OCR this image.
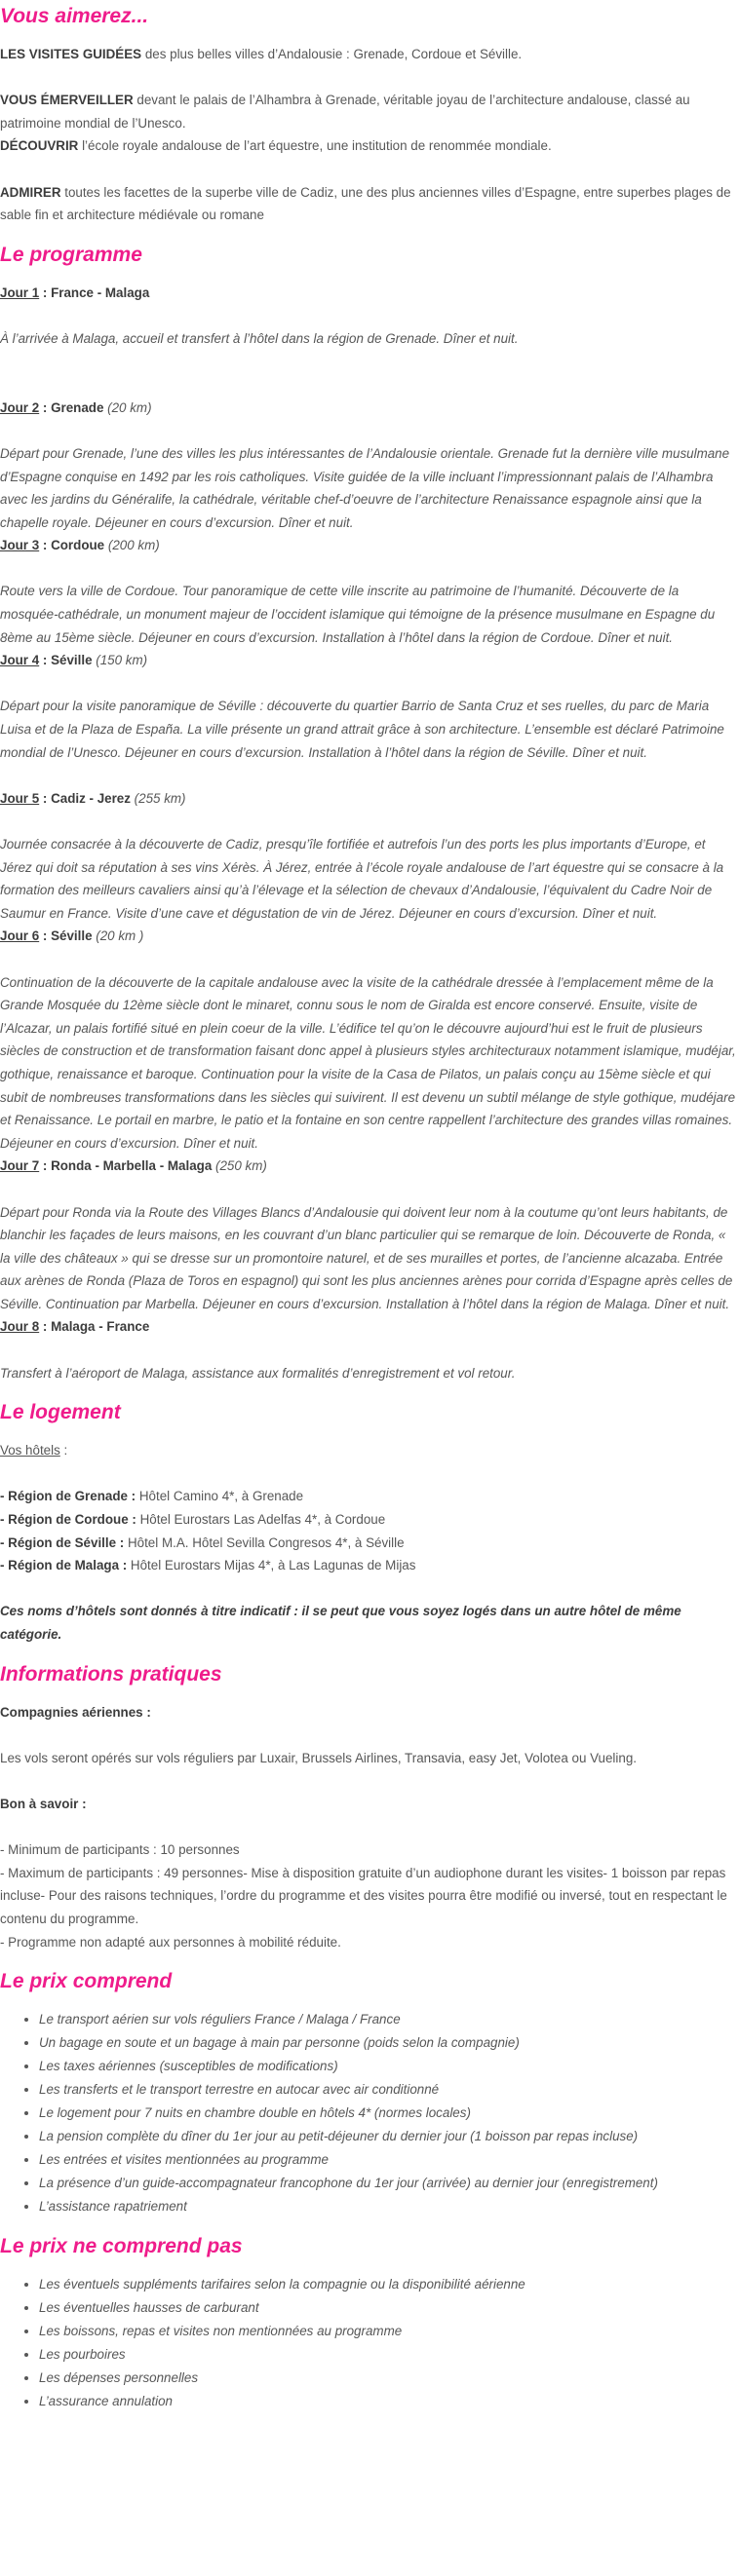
Vous aimerez...

LES VISITES GUIDÉES des plus belles villes d’Andalousie : Grenade, Cordoue et Séville.

VOUS ÉMERVEILLER devant le palais de l’Alhambra à Grenade, véritable joyau de l’architecture andalouse, classé au patrimoine mondial de l’Unesco.

DÉCOUVRIR l’école royale andalouse de l’art équestre, une institution de renommée mondiale.

ADMIRER toutes les facettes de la superbe ville de Cadiz, une des plus anciennes villes d’Espagne, entre superbes plages de sable fin et architecture médiévale ou romane

Le programme

Jour 1 : France - Malaga

À l’arrivée à Malaga, accueil et transfert à l’hôtel dans la région de Grenade. Dîner et nuit.

Jour 2 : Grenade (20 km)

Départ pour Grenade, l’une des villes les plus intéressantes de l’Andalousie orientale. Grenade fut la dernière ville musulmane d’Espagne conquise en 1492 par les rois catholiques. Visite guidée de la ville incluant l’impressionnant palais de l’Alhambra avec les jardins du Généralife, la cathédrale, véritable chef-d’oeuvre de l’architecture Renaissance espagnole ainsi que la chapelle royale. Déjeuner en cours d’excursion. Dîner et nuit.

Jour 3 : Cordoue (200 km)

Route vers la ville de Cordoue. Tour panoramique de cette ville inscrite au patrimoine de l’humanité. Découverte de la mosquée-cathédrale, un monument majeur de l’occident islamique qui témoigne de la présence musulmane en Espagne du 8ème au 15ème siècle. Déjeuner en cours d’excursion. Installation à l’hôtel dans la région de Cordoue. Dîner et nuit.

Jour 4 : Séville (150 km)

Départ pour la visite panoramique de Séville : découverte du quartier Barrio de Santa Cruz et ses ruelles, du parc de Maria Luisa et de la Plaza de España. La ville présente un grand attrait grâce à son architecture. L’ensemble est déclaré Patrimoine mondial de l’Unesco. Déjeuner en cours d’excursion. Installation à l’hôtel dans la région de Séville. Dîner et nuit.

Jour 5 : Cadiz - Jerez (255 km)

Journée consacrée à la découverte de Cadiz, presqu’île fortifiée et autrefois l’un des ports les plus importants d’Europe, et Jérez qui doit sa réputation à ses vins Xérès. À Jérez, entrée à l’école royale andalouse de l’art équestre qui se consacre à la formation des meilleurs cavaliers ainsi qu’à l’élevage et la sélection de chevaux d’Andalousie, l’équivalent du Cadre Noir de Saumur en France. Visite d’une cave et dégustation de vin de Jérez. Déjeuner en cours d’excursion. Dîner et nuit.

Jour 6 : Séville (20 km )

Continuation de la découverte de la capitale andalouse avec la visite de la cathédrale dressée à l’emplacement même de la Grande Mosquée du 12ème siècle dont le minaret, connu sous le nom de Giralda est encore conservé. Ensuite, visite de l’Alcazar, un palais fortifié situé en plein coeur de la ville. L’édifice tel qu’on le découvre aujourd’hui est le fruit de plusieurs siècles de construction et de transformation faisant donc appel à plusieurs styles architecturaux notamment islamique, mudéjar, gothique, renaissance et baroque. Continuation pour la visite de la Casa de Pilatos, un palais conçu au 15ème siècle et qui subit de nombreuses transformations dans les siècles qui suivirent. Il est devenu un subtil mélange de style gothique, mudéjare et Renaissance. Le portail en marbre, le patio et la fontaine en son centre rappellent l’architecture des grandes villas romaines. Déjeuner en cours d’excursion. Dîner et nuit.

Jour 7 : Ronda - Marbella - Malaga (250 km)

Départ pour Ronda via la Route des Villages Blancs d’Andalousie qui doivent leur nom à la coutume qu’ont leurs habitants, de blanchir les façades de leurs maisons, en les couvrant d’un blanc particulier qui se remarque de loin. Découverte de Ronda, « la ville des châteaux » qui se dresse sur un promontoire naturel, et de ses murailles et portes, de l’ancienne alcazaba. Entrée aux arènes de Ronda (Plaza de Toros en espagnol) qui sont les plus anciennes arènes pour corrida d’Espagne après celles de Séville. Continuation par Marbella. Déjeuner en cours d’excursion. Installation à l’hôtel dans la région de Malaga. Dîner et nuit.

Jour 8 : Malaga - France

Transfert à l’aéroport de Malaga, assistance aux formalités d’enregistrement et vol retour.

Le logement

Vos hôtels :

- Région de Grenade : Hôtel Camino 4*, à Grenade

- Région de Cordoue : Hôtel Eurostars Las Adelfas 4*, à Cordoue

- Région de Séville : Hôtel M.A. Hôtel Sevilla Congresos 4*, à Séville

- Région de Malaga : Hôtel Eurostars Mijas 4*, à Las Lagunas de Mijas

Ces noms d’hôtels sont donnés à titre indicatif : il se peut que vous soyez logés dans un autre hôtel de même catégorie.

Informations pratiques

Compagnies aériennes :

Les vols seront opérés sur vols réguliers par Luxair, Brussels Airlines, Transavia, easy Jet, Volotea ou Vueling.

Bon à savoir :

- Minimum de participants : 10 personnes

- Maximum de participants : 49 personnes- Mise à disposition gratuite d’un audiophone durant les visites- 1 boisson par repas incluse- Pour des raisons techniques, l’ordre du programme et des visites pourra être modifié ou inversé, tout en respectant le contenu du programme.

- Programme non adapté aux personnes à mobilité réduite.

Le prix comprend
• Le transport aérien sur vols réguliers France / Malaga / France
• Un bagage en soute et un bagage à main par personne (poids selon la compagnie)
• Les taxes aériennes (susceptibles de modifications)
• Les transferts et le transport terrestre en autocar avec air conditionné
• Le logement pour 7 nuits en chambre double en hôtels 4* (normes locales)
• La pension complète du dîner du 1er jour au petit-déjeuner du dernier jour (1 boisson par repas incluse)
• Les entrées et visites mentionnées au programme
• La présence d’un guide-accompagnateur francophone du 1er jour (arrivée) au dernier jour (enregistrement)
• L’assistance rapatriement
Le prix ne comprend pas
• Les éventuels suppléments tarifaires selon la compagnie ou la disponibilité aérienne
• Les éventuelles hausses de carburant
• Les boissons, repas et visites non mentionnées au programme
• Les pourboires
• Les dépenses personnelles
• L’assurance annulation
